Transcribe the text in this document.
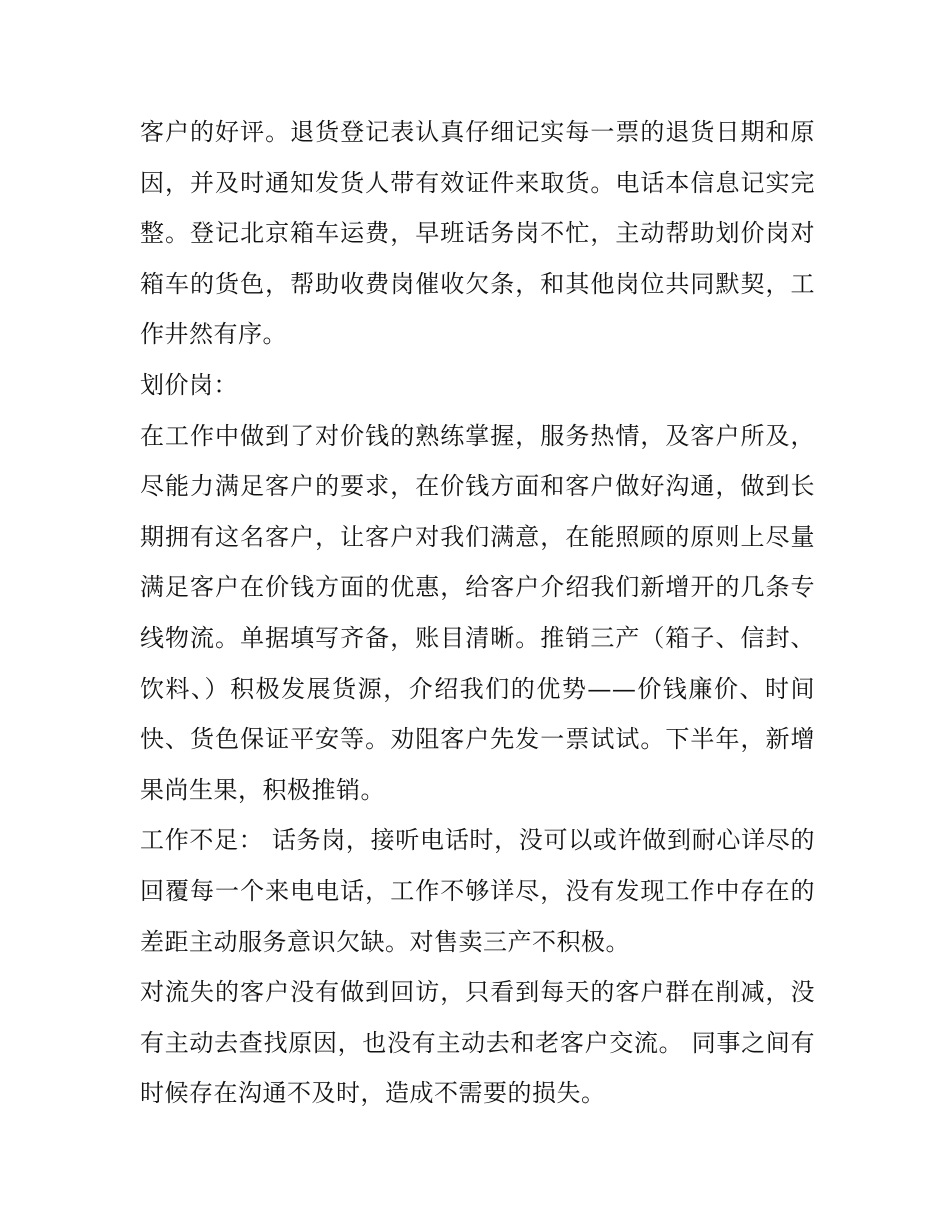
客户的好评。退货登记表认真仔细记实每一票的退货日期和原因，并及时通知发货人带有效证件来取货。电话本信息记实完整。登记北京箱车运费，早班话务岗不忙，主动帮助划价岗对箱车的货色，帮助收费岗催收欠条，和其他岗位共同默契，工作井然有序。

划价岗：

在工作中做到了对价钱的熟练掌握，服务热情，及客户所及，尽能力满足客户的要求，在价钱方面和客户做好沟通，做到长期拥有这名客户，让客户对我们满意，在能照顾的原则上尽量满足客户在价钱方面的优惠，给客户介绍我们新增开的几条专线物流。单据填写齐备，账目清晰。推销三产（箱子、信封、饮料、）积极发展货源，介绍我们的优势——价钱廉价、时间快、货色保证平安等。劝阻客户先发一票试试。下半年，新增果尚生果，积极推销。

工作不足： 话务岗，接听电话时，没可以或许做到耐心详尽的回覆每一个来电电话，工作不够详尽，没有发现工作中存在的差距主动服务意识欠缺。对售卖三产不积极。

对流失的客户没有做到回访，只看到每天的客户群在削减，没有主动去查找原因，也没有主动去和老客户交流。 同事之间有时候存在沟通不及时，造成不需要的损失。
